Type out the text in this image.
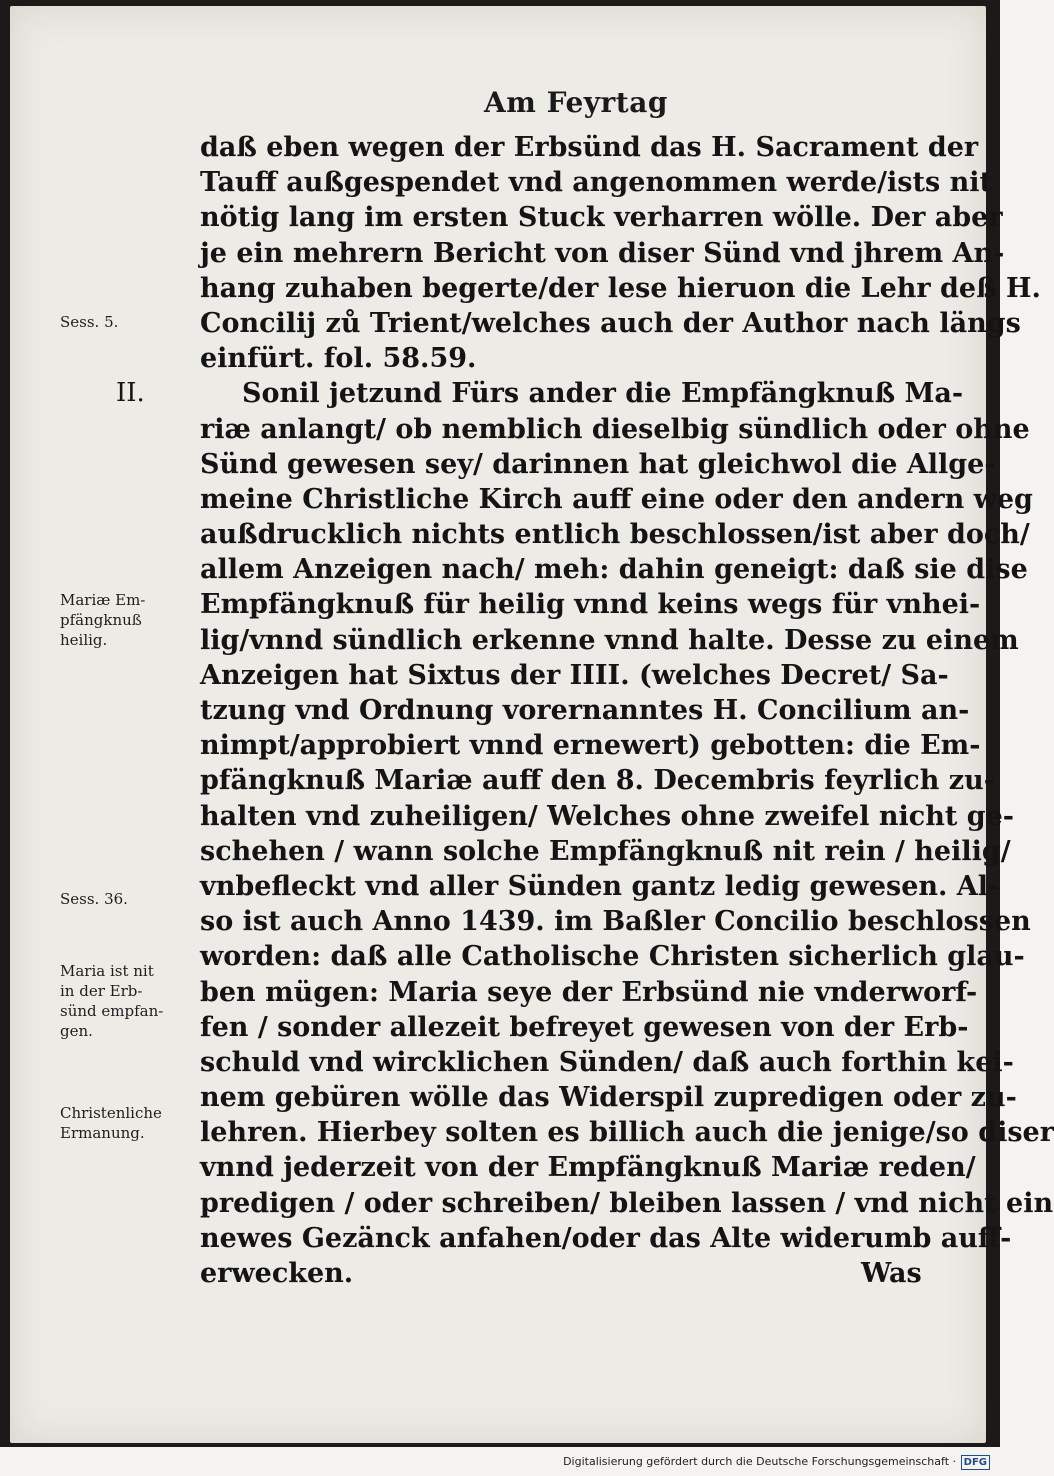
Am Feyrtag
Sess. 5.
II.
Mariæ Em-
pfängknuß
heilig.
Sess. 36.
Maria ist nit
in der Erb-
sünd empfan-
gen.
Christenliche
Ermanung.
daß eben wegen der Erbsünd das H. Sacrament der
Tauff außgespendet vnd angenommen werde/ists nit
nötig lang im ersten Stuck verharren wölle. Der aber
je ein mehrern Bericht von diser Sünd vnd jhrem An-
hang zuhaben begerte/der lese hieruon die Lehr deß H.
Concilij zů Trient/welches auch der Author nach längs
einfürt. fol. 58.59.
Sonil jetzund Fürs ander die Empfängknuß Ma-
riæ anlangt/ ob nemblich dieselbig sündlich oder ohne
Sünd gewesen sey/ darinnen hat gleichwol die Allge-
meine Christliche Kirch auff eine oder den andern weg
außdrucklich nichts entlich beschlossen/ist aber doch/
allem Anzeigen nach/ meh: dahin geneigt: daß sie dise
Empfängknuß für heilig vnnd keins wegs für vnhei-
lig/vnnd sündlich erkenne vnnd halte. Desse zu einem
Anzeigen hat Sixtus der IIII. (welches Decret/ Sa-
tzung vnd Ordnung vorernanntes H. Concilium an-
nimpt/approbiert vnnd ernewert) gebotten: die Em-
pfängknuß Mariæ auff den 8. Decembris feyrlich zu-
halten vnd zuheiligen/ Welches ohne zweifel nicht ge-
schehen / wann solche Empfängknuß nit rein / heilig/
vnbefleckt vnd aller Sünden gantz ledig gewesen. Al-
so ist auch Anno 1439. im Baßler Concilio beschlossen
worden: daß alle Catholische Christen sicherlich glau-
ben mügen: Maria seye der Erbsünd nie vnderworf-
fen / sonder allezeit befreyet gewesen von der Erb-
schuld vnd wircklichen Sünden/ daß auch forthin kei-
nem gebüren wölle das Widerspil zupredigen oder zu-
lehren. Hierbey solten es billich auch die jenige/so diser
vnnd jederzeit von der Empfängknuß Mariæ reden/
predigen / oder schreiben/ bleiben lassen / vnd nicht ein
newes Gezänck anfahen/oder das Alte widerumb auff-
erwecken.	Was
Digitalisierung gefördert durch die Deutsche Forschungsgemeinschaft · DFG
